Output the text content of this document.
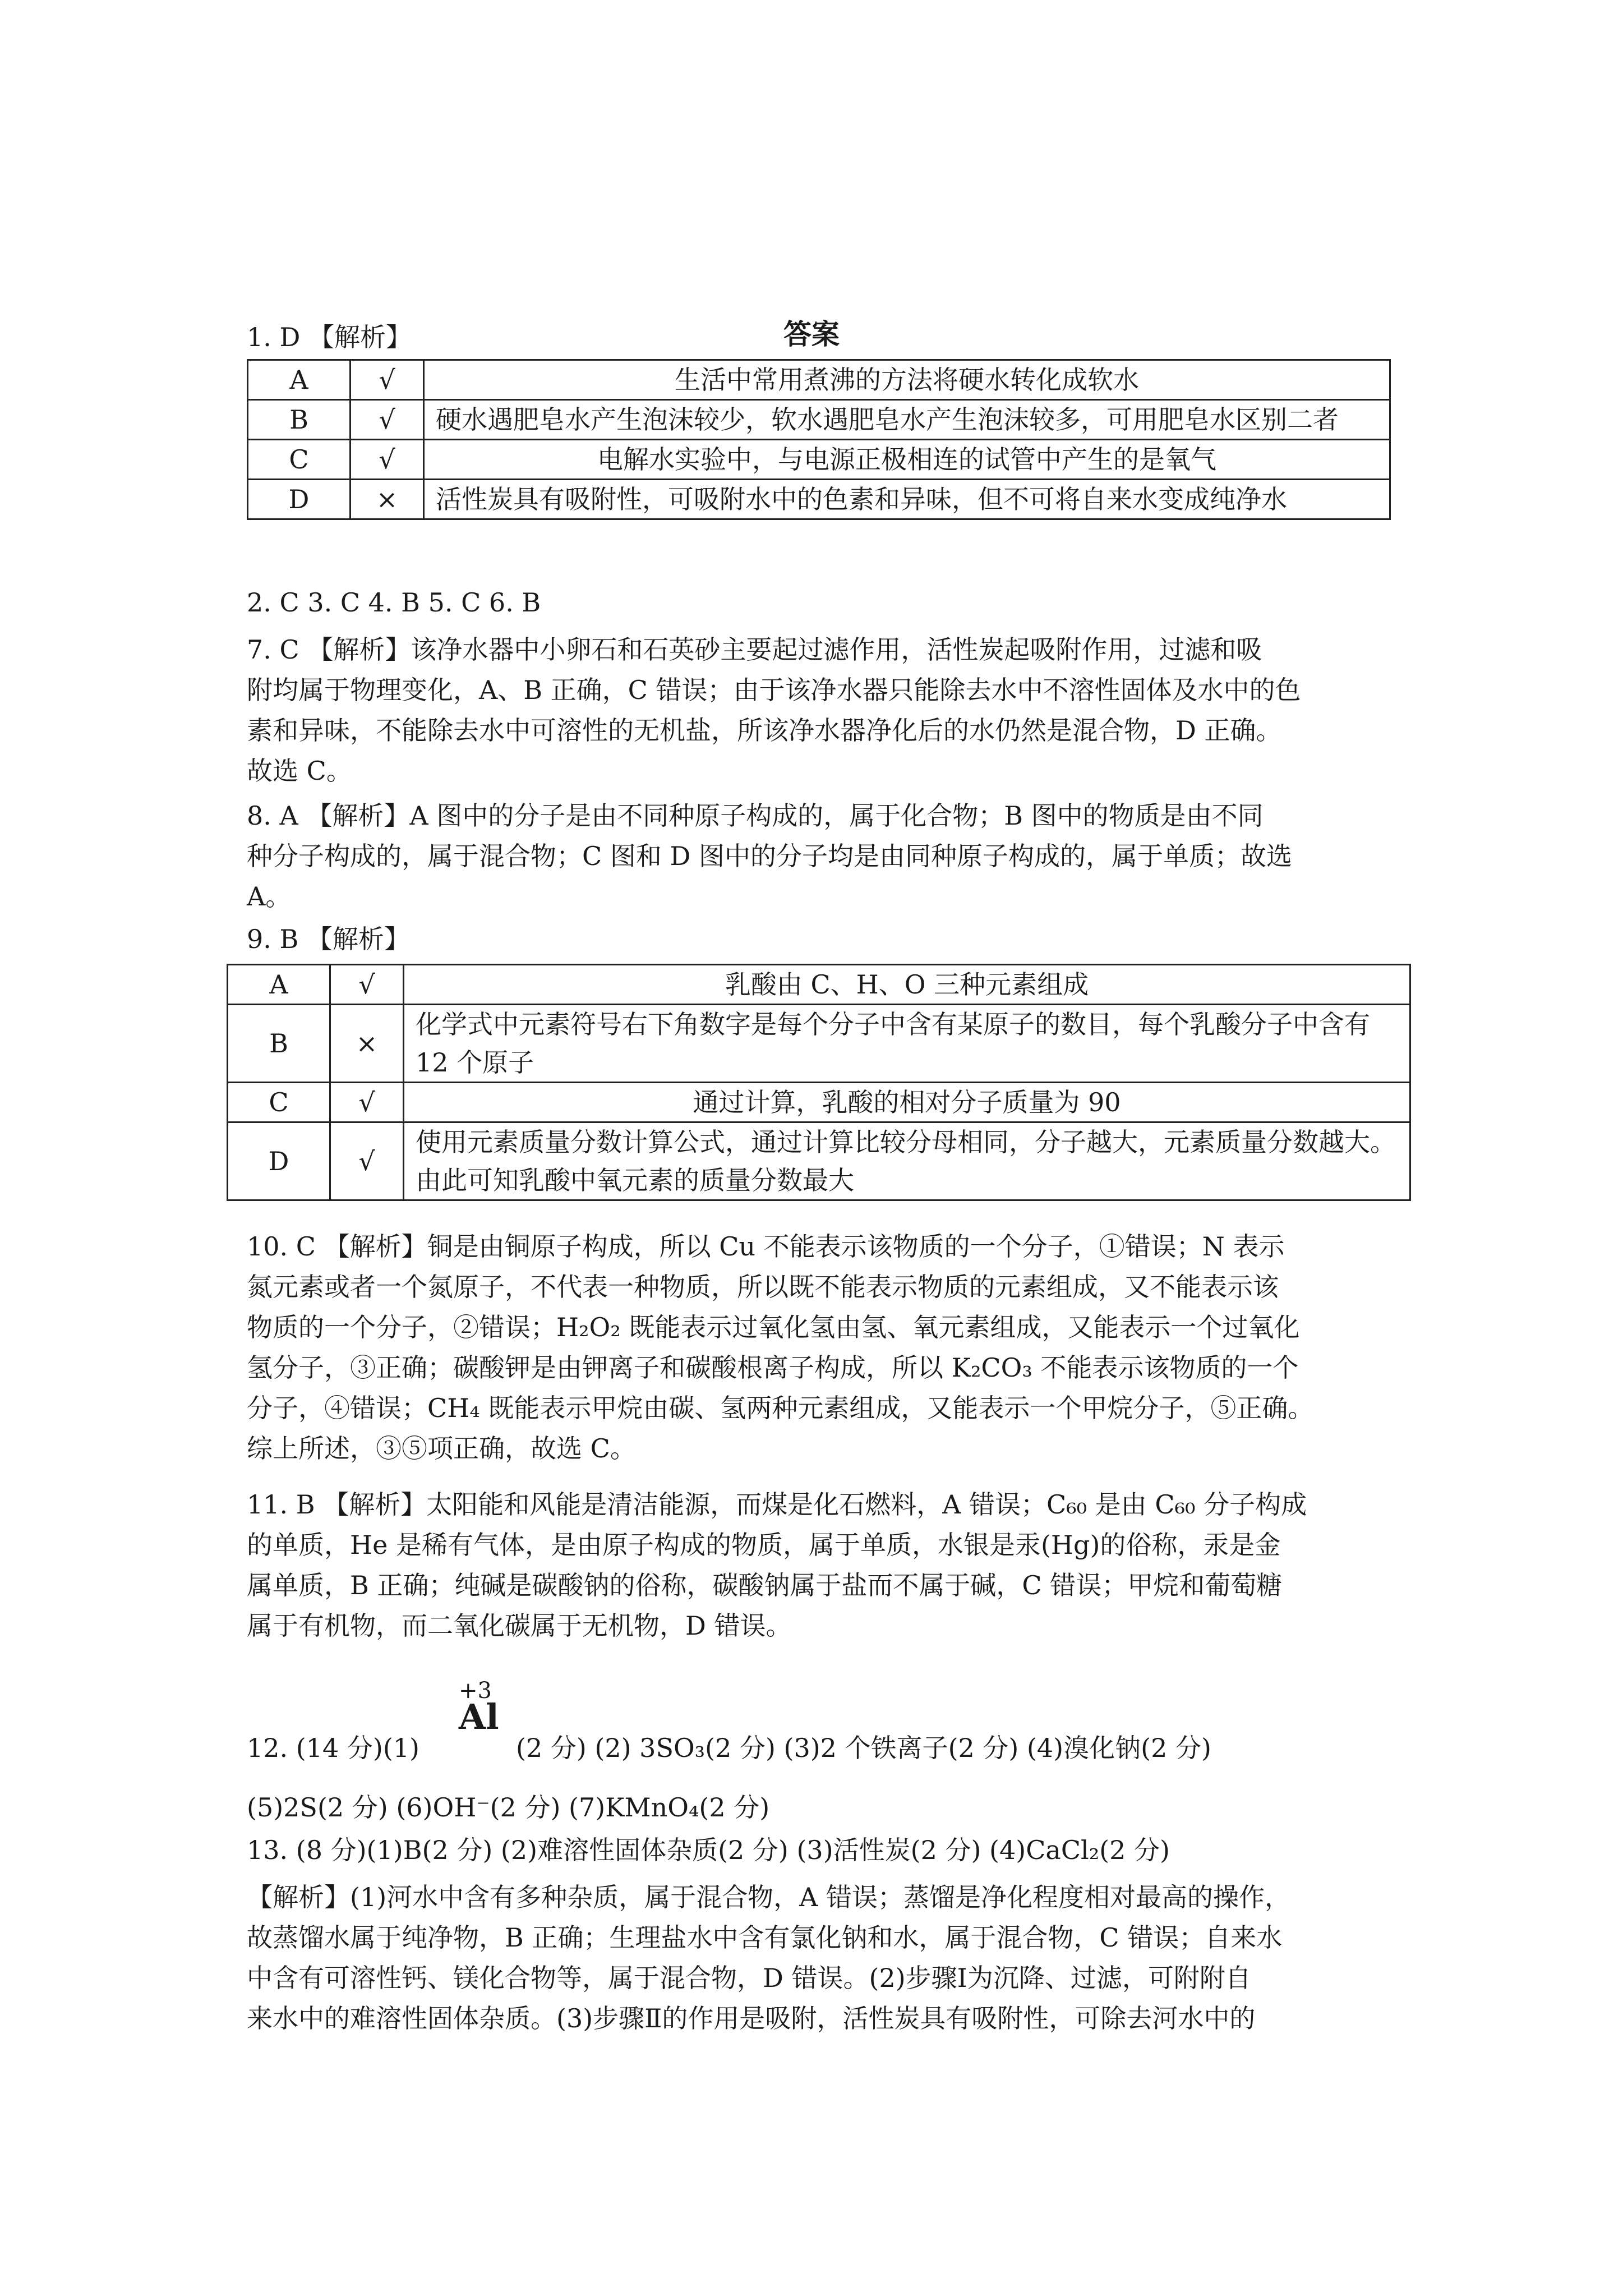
答案
1. D 【解析】
A	√	生活中常用煮沸的方法将硬水转化成软水
B	√	硬水遇肥皂水产生泡沫较少，软水遇肥皂水产生泡沫较多，可用肥皂水区别二者
C	√	电解水实验中，与电源正极相连的试管中产生的是氧气
D	×	活性炭具有吸附性，可吸附水中的色素和异味，但不可将自来水变成纯净水
2. C 3. C 4. B 5. C 6. B
7. C 【解析】该净水器中小卵石和石英砂主要起过滤作用，活性炭起吸附作用，过滤和吸
附均属于物理变化，A、B 正确，C 错误；由于该净水器只能除去水中不溶性固体及水中的色
素和异味，不能除去水中可溶性的无机盐，所该净水器净化后的水仍然是混合物，D 正确。
故选 C。
8. A 【解析】A 图中的分子是由不同种原子构成的，属于化合物；B 图中的物质是由不同
种分子构成的，属于混合物；C 图和 D 图中的分子均是由同种原子构成的，属于单质；故选
A。
9. B 【解析】
A	√	乳酸由 C、H、O 三种元素组成
B	×	化学式中元素符号右下角数字是每个分子中含有某原子的数目，每个乳酸分子中含有 12 个原子
C	√	通过计算，乳酸的相对分子质量为 90
D	√	使用元素质量分数计算公式，通过计算比较分母相同，分子越大，元素质量分数越大。由此可知乳酸中氧元素的质量分数最大
10. C 【解析】铜是由铜原子构成，所以 Cu 不能表示该物质的一个分子，①错误；N 表示
氮元素或者一个氮原子，不代表一种物质，所以既不能表示物质的元素组成，又不能表示该
物质的一个分子，②错误；H₂O₂ 既能表示过氧化氢由氢、氧元素组成，又能表示一个过氧化
氢分子，③正确；碳酸钾是由钾离子和碳酸根离子构成，所以 K₂CO₃ 不能表示该物质的一个
分子，④错误；CH₄ 既能表示甲烷由碳、氢两种元素组成，又能表示一个甲烷分子，⑤正确。
综上所述，③⑤项正确，故选 C。
11. B 【解析】太阳能和风能是清洁能源，而煤是化石燃料，A 错误；C₆₀ 是由 C₆₀ 分子构成
的单质，He 是稀有气体，是由原子构成的物质，属于单质，水银是汞(Hg)的俗称，汞是金
属单质，B 正确；纯碱是碳酸钠的俗称，碳酸钠属于盐而不属于碱，C 错误；甲烷和葡萄糖
属于有机物，而二氧化碳属于无机物，D 错误。
+3
Al
12. (14 分)(1)	(2 分) (2) 3SO₃(2 分) (3)2 个铁离子(2 分) (4)溴化钠(2 分)
(5)2S(2 分) (6)OH⁻(2 分) (7)KMnO₄(2 分)
13. (8 分)(1)B(2 分) (2)难溶性固体杂质(2 分) (3)活性炭(2 分) (4)CaCl₂(2 分)
【解析】(1)河水中含有多种杂质，属于混合物，A 错误；蒸馏是净化程度相对最高的操作，
故蒸馏水属于纯净物，B 正确；生理盐水中含有氯化钠和水，属于混合物，C 错误；自来水
中含有可溶性钙、镁化合物等，属于混合物，D 错误。(2)步骤Ⅰ为沉降、过滤，可附附自
来水中的难溶性固体杂质。(3)步骤Ⅱ的作用是吸附，活性炭具有吸附性，可除去河水中的
